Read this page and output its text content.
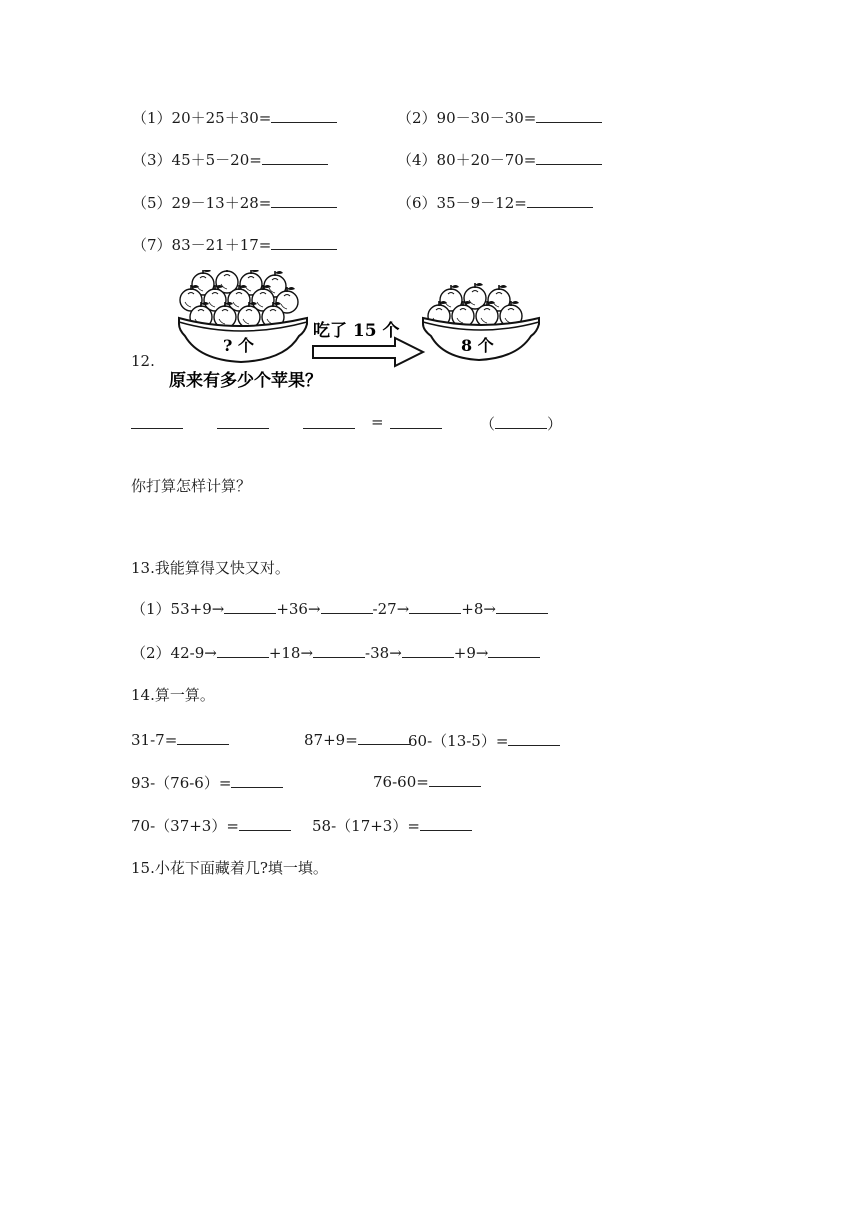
（1）20＋25＋30=	（2）90－30－30=
（3）45＋5－20=	（4）80＋20－70=
（5）29－13＋28=	（6）35－9－12=
（7）83－21＋17=
12.
? 个
吃了 15 个
8 个
原来有多少个苹果？
=	（	）
你打算怎样计算？
13.我能算得又快又对。
（1）53+9→	+36→	-27→	+8→
（2）42-9→	+18→	-38→	+9→
14.算一算。
31-7=	87+9=	60-（13-5）=
93-（76-6）=	76-60=
70-（37+3）=	58-（17+3）=
15.小花下面藏着几?填一填。
